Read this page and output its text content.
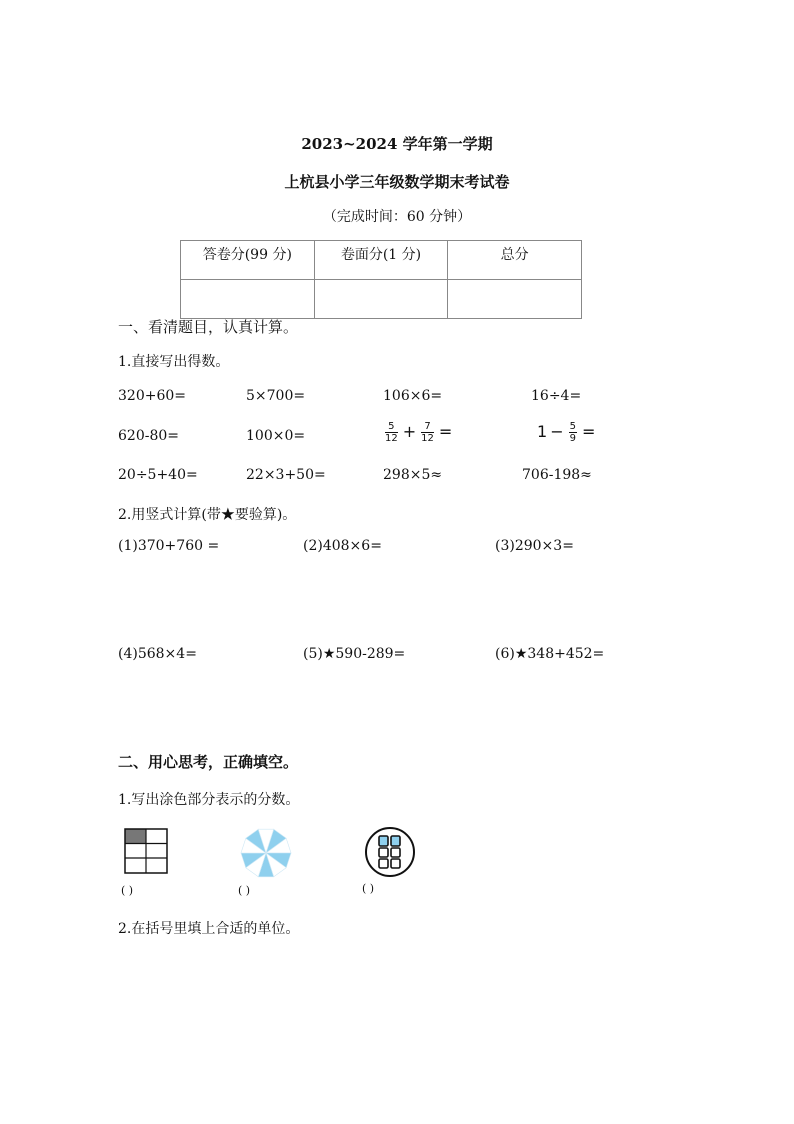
2023~2024 学年第一学期
上杭县小学三年级数学期末考试卷
（完成时间：60 分钟）
答卷分(99 分)	卷面分(1 分)	总分

一、看清题目，认真计算。
1.直接写出得数。
320+60=	5×700=	106×6=	16÷4=
620-80=	100×0=	$\frac{5}{12} + \frac{7}{12}$ =	$1 - \frac{5}{9}$ =
20÷5+40=	22×3+50=	298×5≈	706-198≈
2.用竖式计算(带★要验算)。
(1)370+760 =	(2)408×6=	(3)290×3=
(4)568×4=	(5)★590-289=	(6)★348+452=
二、用心思考，正确填空。
1.写出涂色部分表示的分数。
( )	( )	( )
2.在括号里填上合适的单位。
